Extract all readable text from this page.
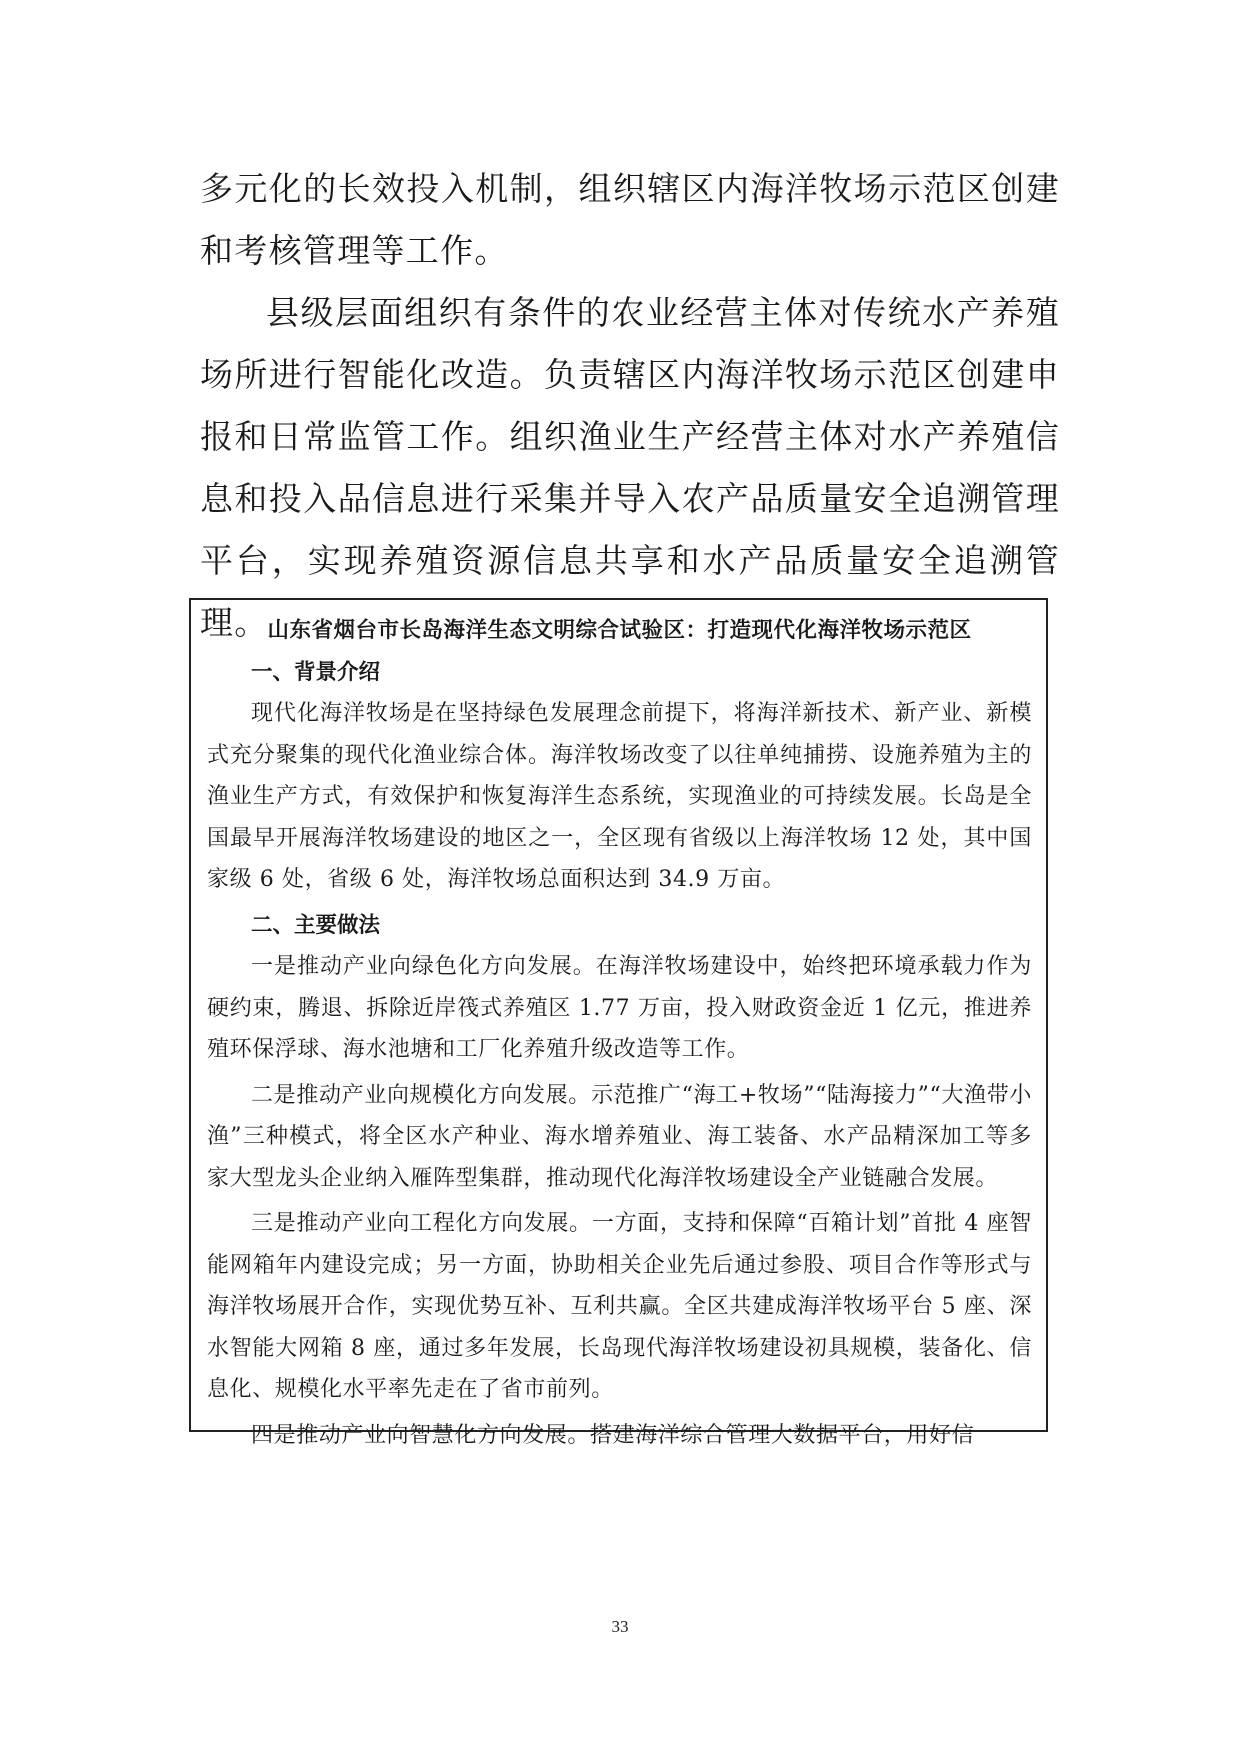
多元化的长效投入机制，组织辖区内海洋牧场示范区创建和考核管理等工作。

县级层面组织有条件的农业经营主体对传统水产养殖场所进行智能化改造。负责辖区内海洋牧场示范区创建申报和日常监管工作。组织渔业生产经营主体对水产养殖信息和投入品信息进行采集并导入农产品质量安全追溯管理平台，实现养殖资源信息共享和水产品质量安全追溯管理。

山东省烟台市长岛海洋生态文明综合试验区：打造现代化海洋牧场示范区

一、背景介绍

现代化海洋牧场是在坚持绿色发展理念前提下，将海洋新技术、新产业、新模式充分聚集的现代化渔业综合体。海洋牧场改变了以往单纯捕捞、设施养殖为主的渔业生产方式，有效保护和恢复海洋生态系统，实现渔业的可持续发展。长岛是全国最早开展海洋牧场建设的地区之一，全区现有省级以上海洋牧场 12 处，其中国家级 6 处，省级 6 处，海洋牧场总面积达到 34.9 万亩。

二、主要做法

一是推动产业向绿色化方向发展。在海洋牧场建设中，始终把环境承载力作为硬约束，腾退、拆除近岸筏式养殖区 1.77 万亩，投入财政资金近 1 亿元，推进养殖环保浮球、海水池塘和工厂化养殖升级改造等工作。

二是推动产业向规模化方向发展。示范推广“海工+牧场”“陆海接力”“大渔带小渔”三种模式，将全区水产种业、海水增养殖业、海工装备、水产品精深加工等多家大型龙头企业纳入雁阵型集群，推动现代化海洋牧场建设全产业链融合发展。

三是推动产业向工程化方向发展。一方面，支持和保障“百箱计划”首批 4 座智能网箱年内建设完成；另一方面，协助相关企业先后通过参股、项目合作等形式与海洋牧场展开合作，实现优势互补、互利共赢。全区共建成海洋牧场平台 5 座、深水智能大网箱 8 座，通过多年发展，长岛现代海洋牧场建设初具规模，装备化、信息化、规模化水平率先走在了省市前列。

四是推动产业向智慧化方向发展。搭建海洋综合管理大数据平台，用好信

33
